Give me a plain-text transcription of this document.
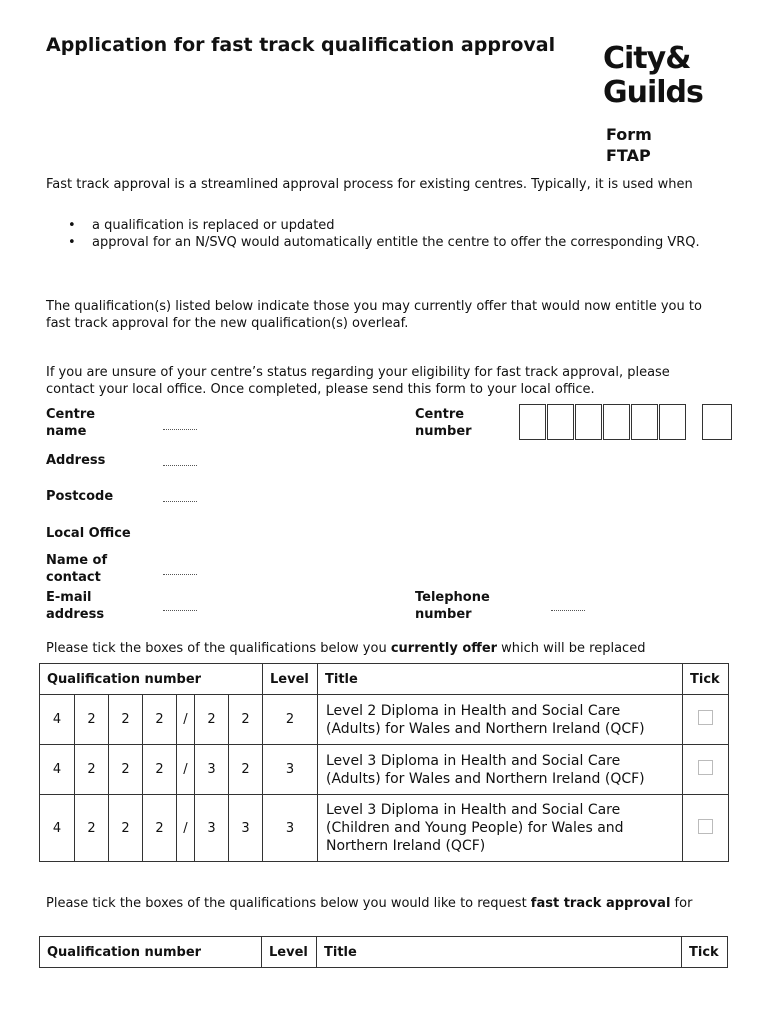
Application for fast track qualification approval City&
Guilds
Form
FTAP
Fast track approval is a streamlined approval process for existing centres. Typically, it is used when
• a qualification is replaced or updated
• approval for an N/SVQ would automatically entitle the centre to offer the corresponding VRQ.
The qualification(s) listed below indicate those you may currently offer that would now entitle you to fast track approval for the new qualification(s) overleaf.
If you are unsure of your centre’s status regarding your eligibility for fast track approval, please contact your local office. Once completed, please send this form to your local office.
Centre name
Centre number
Address
Postcode
Local Office
Name of contact
E-mail address
Telephone number
Please tick the boxes of the qualifications below you currently offer which will be replaced
Qualification number							Level	Title	Tick
4	2	2	2	/	2	2	2	Level 2 Diploma in Health and Social Care (Adults) for Wales and Northern Ireland (QCF)	
4	2	2	2	/	3	2	3	Level 3 Diploma in Health and Social Care (Adults) for Wales and Northern Ireland (QCF)	
4	2	2	2	/	3	3	3	Level 3 Diploma in Health and Social Care (Children and Young People) for Wales and Northern Ireland (QCF)	
Please tick the boxes of the qualifications below you would like to request fast track approval for
Qualification number	Level	Title	Tick
